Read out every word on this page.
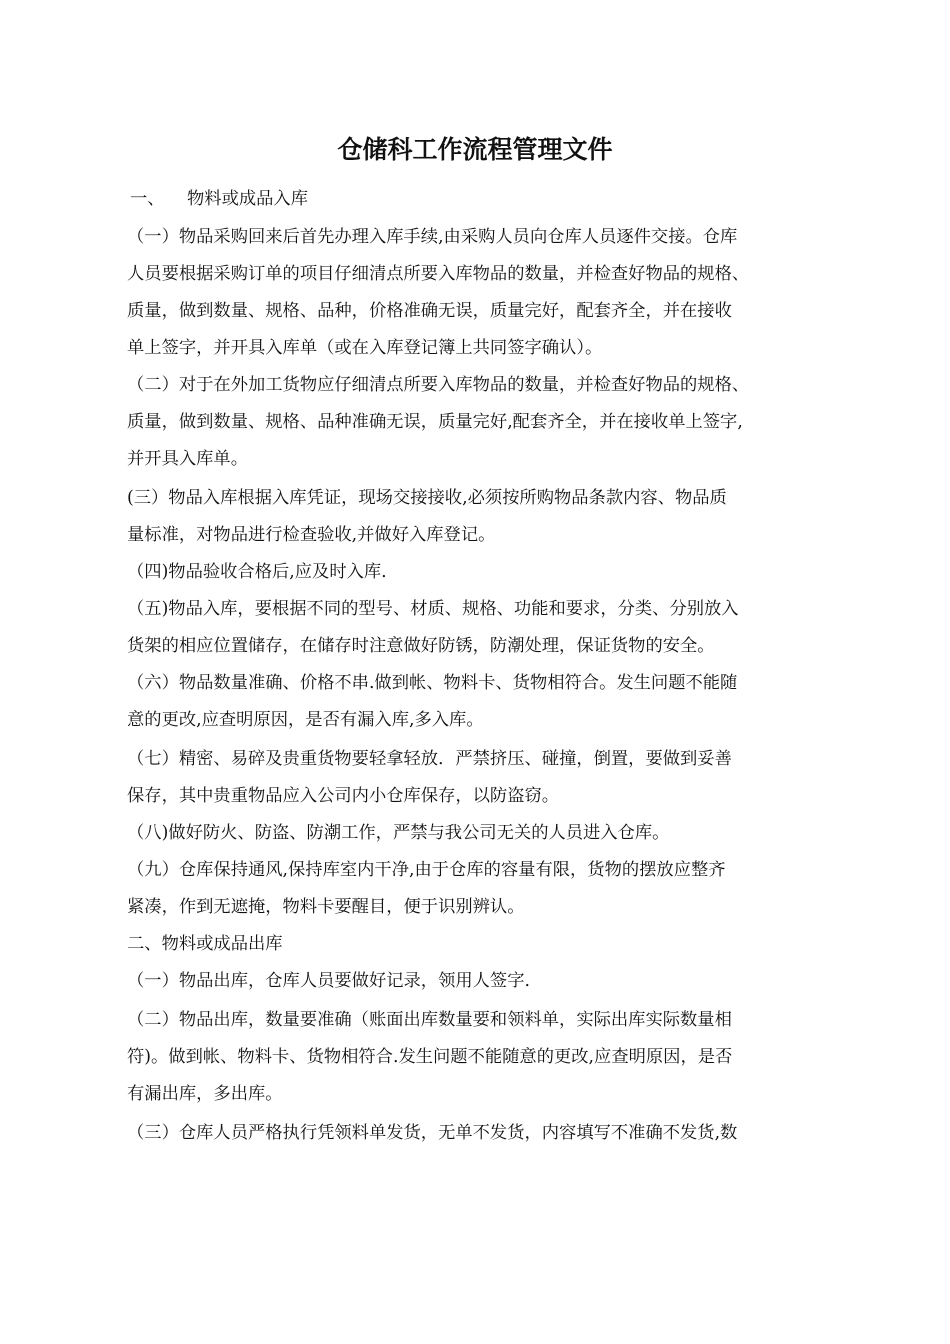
仓储科工作流程管理文件
一、 物料或成品入库
（一）物品采购回来后首先办理入库手续,由采购人员向仓库人员逐件交接。仓库
人员要根据采购订单的项目仔细清点所要入库物品的数量，并检查好物品的规格、
质量，做到数量、规格、品种，价格准确无误，质量完好，配套齐全，并在接收
单上签字，并开具入库单（或在入库登记簿上共同签字确认）。
（二）对于在外加工货物应仔细清点所要入库物品的数量，并检查好物品的规格、
质量，做到数量、规格、品种准确无误，质量完好,配套齐全，并在接收单上签字,
并开具入库单。
(三）物品入库根据入库凭证，现场交接接收,必须按所购物品条款内容、物品质
量标准，对物品进行检查验收,并做好入库登记。
（四)物品验收合格后,应及时入库.
（五)物品入库，要根据不同的型号、材质、规格、功能和要求，分类、分别放入
货架的相应位置储存，在储存时注意做好防锈，防潮处理，保证货物的安全。
（六）物品数量准确、价格不串.做到帐、物料卡、货物相符合。发生问题不能随
意的更改,应查明原因，是否有漏入库,多入库。
（七）精密、易碎及贵重货物要轻拿轻放．严禁挤压、碰撞，倒置，要做到妥善
保存，其中贵重物品应入公司内小仓库保存，以防盗窃。
（八)做好防火、防盗、防潮工作，严禁与我公司无关的人员进入仓库。
（九）仓库保持通风,保持库室内干净,由于仓库的容量有限，货物的摆放应整齐
紧凑，作到无遮掩，物料卡要醒目，便于识别辨认。
二、物料或成品出库
（一）物品出库，仓库人员要做好记录，领用人签字.
（二）物品出库，数量要准确（账面出库数量要和领料单，实际出库实际数量相
符)。做到帐、物料卡、货物相符合.发生问题不能随意的更改,应查明原因，是否
有漏出库，多出库。
（三）仓库人员严格执行凭领料单发货，无单不发货，内容填写不准确不发货,数
